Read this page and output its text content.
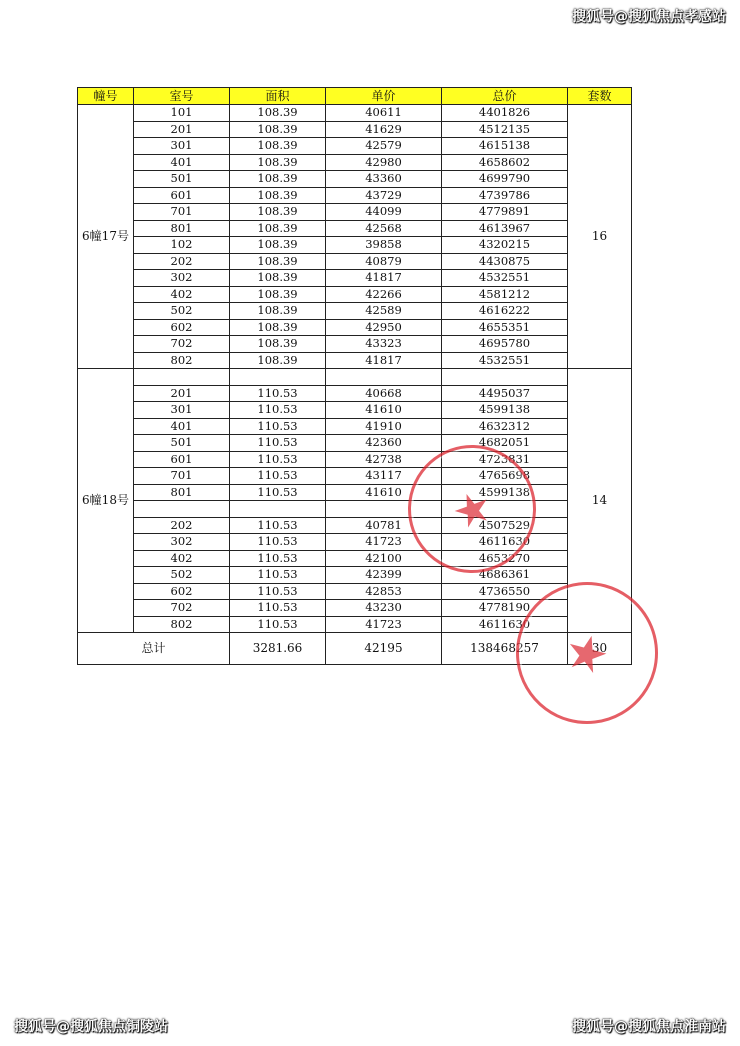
搜狐号@搜狐焦点孝感站
幢号	室号	面积	单价	总价	套数
6幢17号	101	108.39	40611	4401826	16
	201	108.39	41629	4512135	
	301	108.39	42579	4615138	
	401	108.39	42980	4658602	
	501	108.39	43360	4699790	
	601	108.39	43729	4739786	
	701	108.39	44099	4779891	
	801	108.39	42568	4613967	
	102	108.39	39858	4320215	
	202	108.39	40879	4430875	
	302	108.39	41817	4532551	
	402	108.39	42266	4581212	
	502	108.39	42589	4616222	
	602	108.39	42950	4655351	
	702	108.39	43323	4695780	
	802	108.39	41817	4532551	
6幢18号					14
	201	110.53	40668	4495037	
	301	110.53	41610	4599138	
	401	110.53	41910	4632312	
	501	110.53	42360	4682051	
	601	110.53	42738	4723831	
	701	110.53	43117	4765698	
	801	110.53	41610	4599138	

	202	110.53	40781	4507529	
	302	110.53	41723	4611630	
	402	110.53	42100	4653270	
	502	110.53	42399	4686361	
	602	110.53	42853	4736550	
	702	110.53	43230	4778190	
	802	110.53	41723	4611630	
总计		3281.66	42195	138468257	30
搜狐号@搜狐焦点铜陵站	搜狐号@搜狐焦点淮南站
